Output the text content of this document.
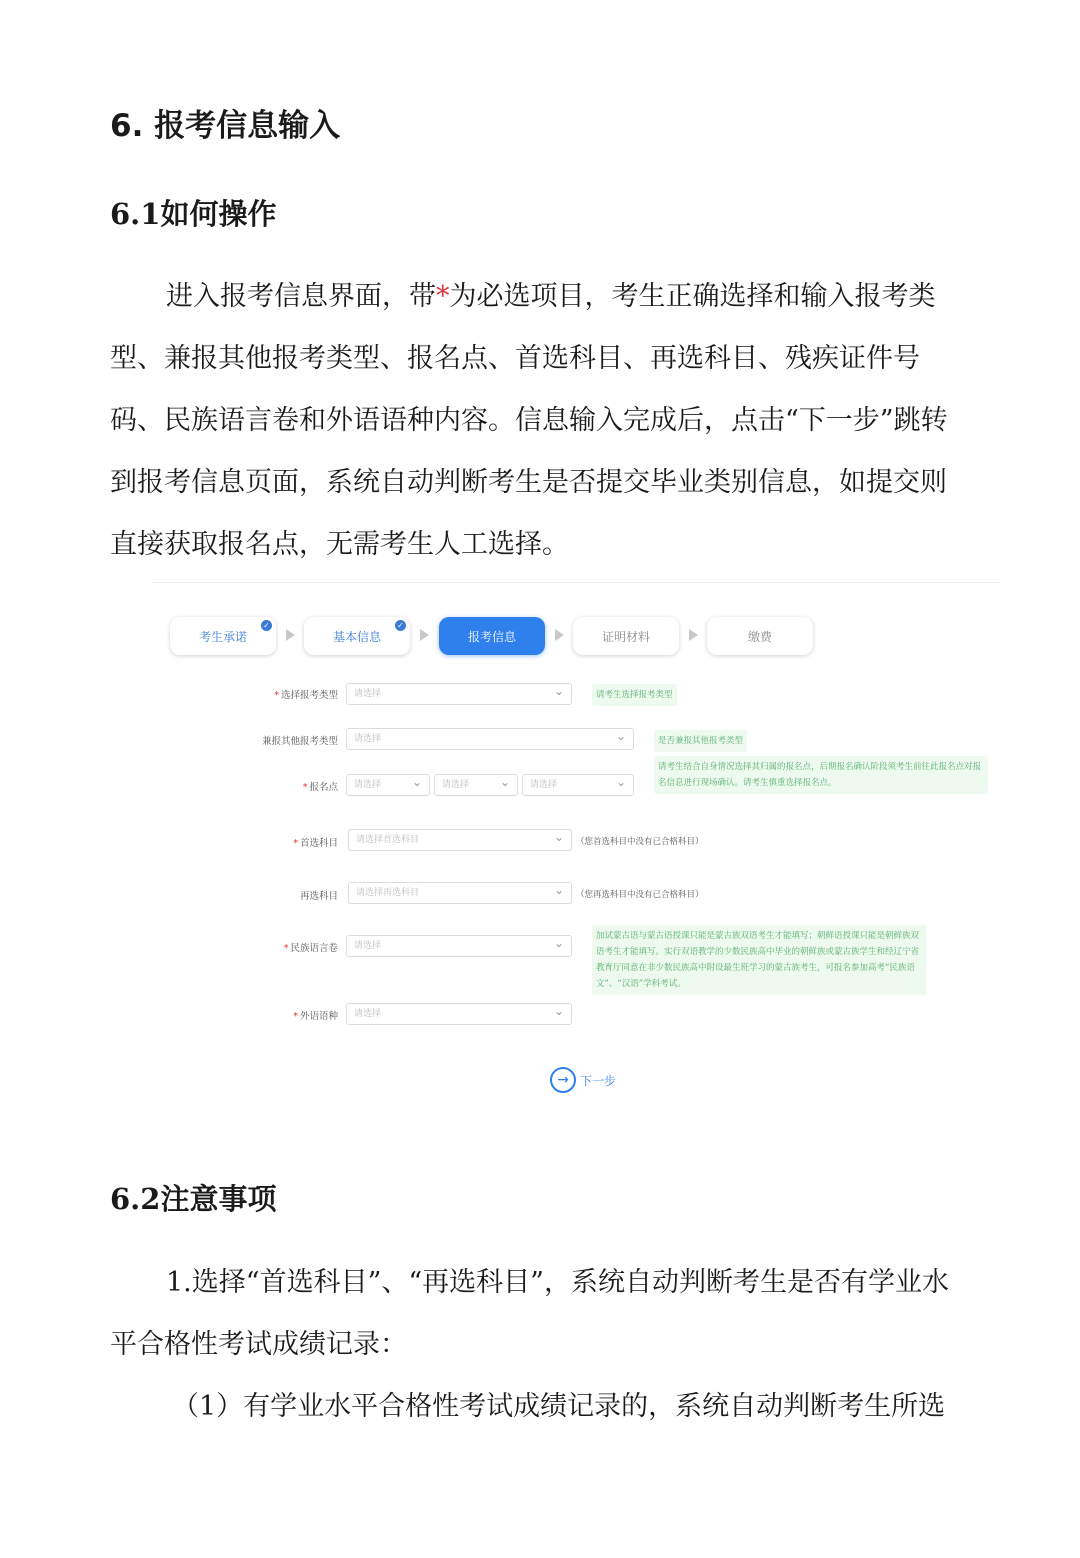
6. 报考信息输入
6.1如何操作

进入报考信息界面，带*为必选项目，考生正确选择和输入报考类型、兼报其他报考类型、报名点、首选科目、再选科目、残疾证件号码、民族语言卷和外语语种内容。信息输入完成后，点击“下一步”跳转到报考信息页面，系统自动判断考生是否提交毕业类别信息，如提交则直接获取报名点，无需考生人工选择。

考生承诺
✓
基本信息
✓
报考信息	证明材料	缴费
* 选择报考类型	请选择 ⌄	请考生选择报考类型
兼报其他报考类型	请选择 ⌄	是否兼报其他报考类型
* 报名点	请选择 ⌄	请选择 ⌄	请选择 ⌄
请考生结合自身情况选择其归属的报名点，后期报名确认阶段须考生前往此报名点对报名信息进行现场确认。请考生慎重选择报名点。
* 首选科目	请选择首选科目 ⌄	（您首选科目中没有已合格科目）
再选科目	请选择再选科目 ⌄	（您再选科目中没有已合格科目）
* 民族语言卷	请选择 ⌄
加试蒙古语与蒙古语授课只能是蒙古族双语考生才能填写；朝鲜语授课只能是朝鲜族双语考生才能填写。实行双语教学的少数民族高中毕业的朝鲜族或蒙古族学生和经辽宁省教育厅同意在非少数民族高中附设最生班学习的蒙古族考生，可报名参加高考“民族语文”、“汉语”学科考试。
* 外语语种	请选择 ⌄
→ 下一步
6.2注意事项

1.选择“首选科目”、“再选科目”，系统自动判断考生是否有学业水平合格性考试成绩记录：

（1）有学业水平合格性考试成绩记录的，系统自动判断考生所选
